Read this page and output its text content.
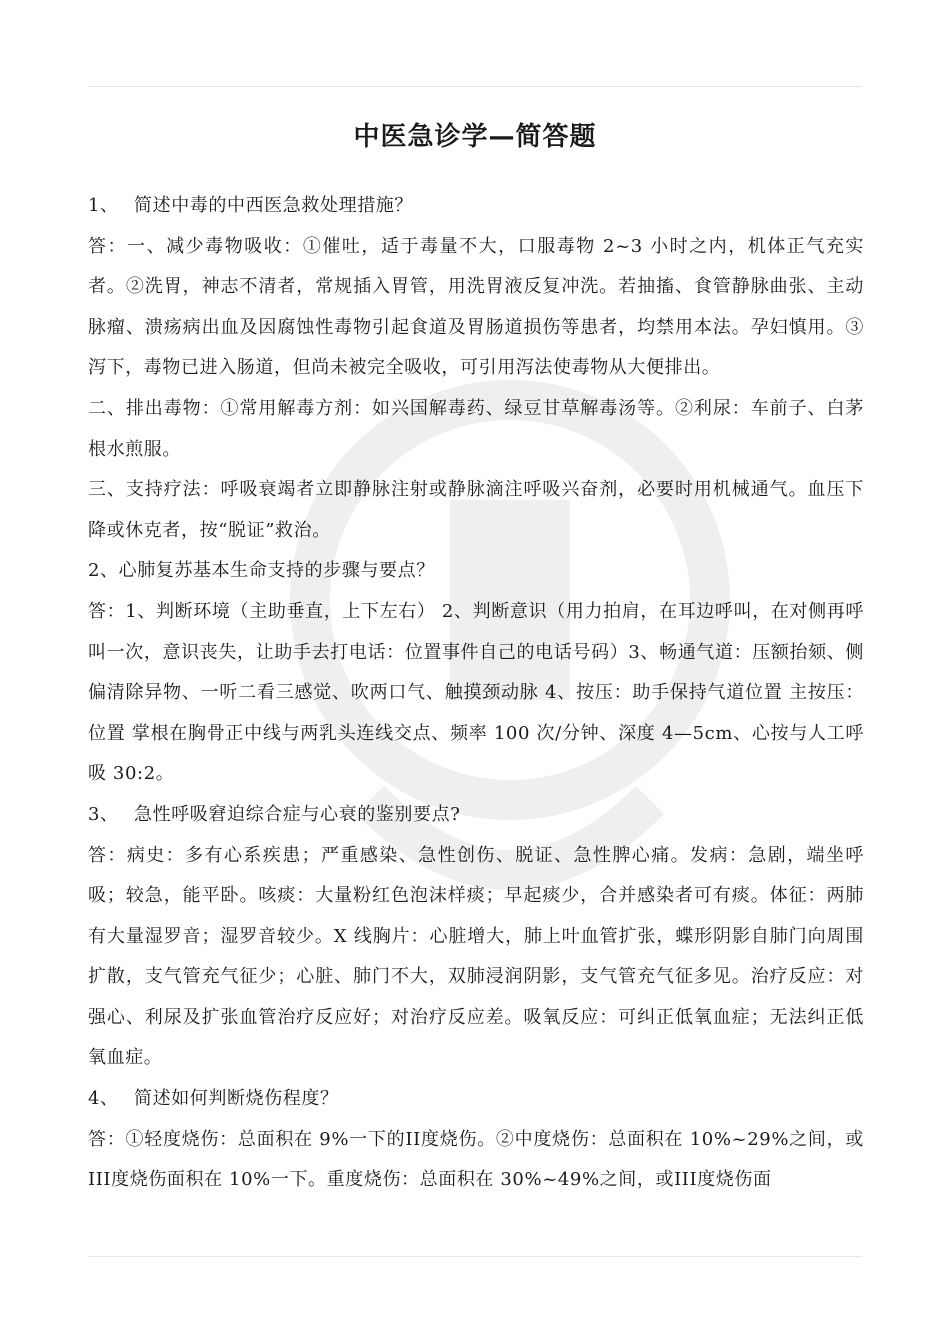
中医急诊学—简答题

1、 简述中毒的中西医急救处理措施？

答：一、减少毒物吸收：①催吐，适于毒量不大，口服毒物 2~3 小时之内，机体正气充实者。②洗胃，神志不清者，常规插入胃管，用洗胃液反复冲洗。若抽搐、食管静脉曲张、主动脉瘤、溃疡病出血及因腐蚀性毒物引起食道及胃肠道损伤等患者，均禁用本法。孕妇慎用。③泻下，毒物已进入肠道，但尚未被完全吸收，可引用泻法使毒物从大便排出。

二、排出毒物：①常用解毒方剂：如兴国解毒药、绿豆甘草解毒汤等。②利尿：车前子、白茅根水煎服。

三、支持疗法：呼吸衰竭者立即静脉注射或静脉滴注呼吸兴奋剂，必要时用机械通气。血压下降或休克者，按“脱证”救治。

2、心肺复苏基本生命支持的步骤与要点？

答：1、判断环境（主助垂直，上下左右） 2、判断意识（用力拍肩，在耳边呼叫，在对侧再呼叫一次，意识丧失，让助手去打电话：位置事件自己的电话号码）3、畅通气道：压额抬颏、侧偏清除异物、一听二看三感觉、吹两口气、触摸颈动脉 4、按压：助手保持气道位置 主按压：位置 掌根在胸骨正中线与两乳头连线交点、频率 100 次/分钟、深度 4—5cm、心按与人工呼吸 30:2。

3、 急性呼吸窘迫综合症与心衰的鉴别要点?

答：病史：多有心系疾患；严重感染、急性创伤、脱证、急性脾心痛。发病：急剧，端坐呼吸；较急，能平卧。咳痰：大量粉红色泡沫样痰；早起痰少，合并感染者可有痰。体征：两肺有大量湿罗音；湿罗音较少。X 线胸片：心脏增大，肺上叶血管扩张，蝶形阴影自肺门向周围扩散，支气管充气征少；心脏、肺门不大，双肺浸润阴影，支气管充气征多见。治疗反应：对强心、利尿及扩张血管治疗反应好；对治疗反应差。吸氧反应：可纠正低氧血症；无法纠正低氧血症。

4、 简述如何判断烧伤程度？

答：①轻度烧伤：总面积在 9%一下的II度烧伤。②中度烧伤：总面积在 10%~29%之间，或III度烧伤面积在 10%一下。重度烧伤：总面积在 30%~49%之间，或III度烧伤面
